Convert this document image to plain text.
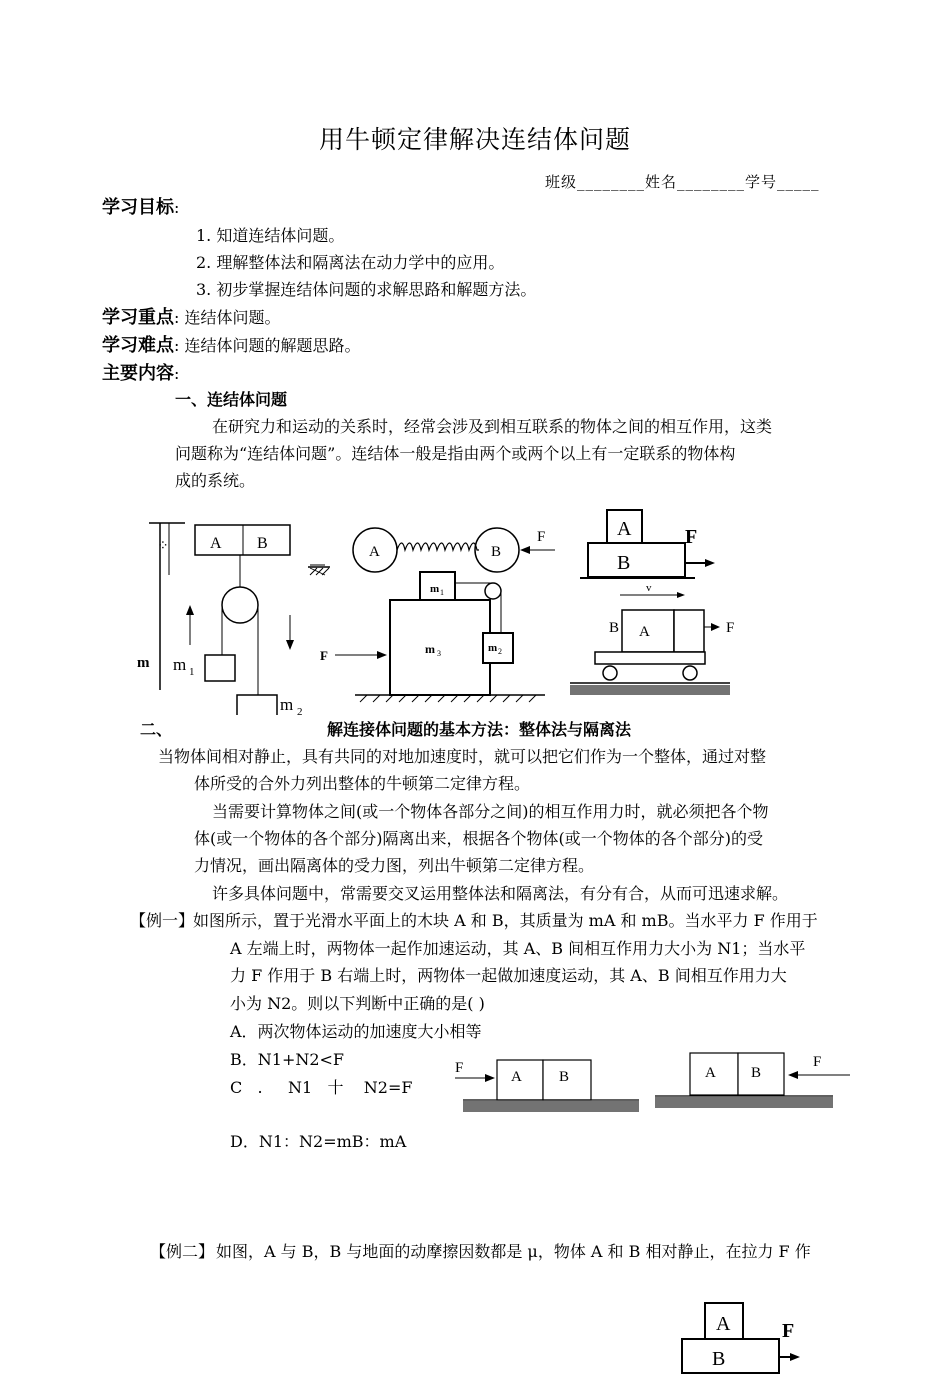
用牛顿定律解决连结体问题
班级________姓名________学号_____
学习目标:
1. 知道连结体问题。
2. 理解整体法和隔离法在动力学中的应用。
3. 初步掌握连结体问题的求解思路和解题方法。
学习重点: 连结体问题。
学习难点: 连结体问题的解题思路。
主要内容:
一、连结体问题
在研究力和运动的关系时，经常会涉及到相互联系的物体之间的相互作用，这类
问题称为“连结体问题”。连结体一般是指由两个或两个以上有一定联系的物体构
成的系统。
⁘	A B
m m 1
m 2
A	B
F
m 1
m 2
m 3
F
A
B
F
v
A
B	F
二、	解连接体问题的基本方法：整体法与隔离法
当物体间相对静止，具有共同的对地加速度时，就可以把它们作为一个整体，通过对整
体所受的合外力列出整体的牛顿第二定律方程。
当需要计算物体之间(或一个物体各部分之间)的相互作用力时，就必须把各个物
体(或一个物体的各个部分)隔离出来，根据各个物体(或一个物体的各个部分)的受
力情况，画出隔离体的受力图，列出牛顿第二定律方程。
许多具体问题中，常需要交叉运用整体法和隔离法，有分有合，从而可迅速求解。
【例一】
如图所示，置于光滑水平面上的木块 A 和 B，其质量为 mA 和 mB。当水平力 F 作用于
A 左端上时，两物体一起作加速运动，其 A、B 间相互作用力大小为 N1；当水平
力 F 作用于 B 右端上时，两物体一起做加速度运动，其 A、B 间相互作用力大
小为 N2。则以下判断中正确的是( )
A．两次物体运动的加速度大小相等
B．N1+N2<F
C   .     N1   十    N2=F
D．N1：N2=mB：mA
F
A B	A B
F
【例二】 如图，A 与 B，B 与地面的动摩擦因数都是 μ，物体 A 和 B 相对静止，在拉力 F 作
A
B
F
